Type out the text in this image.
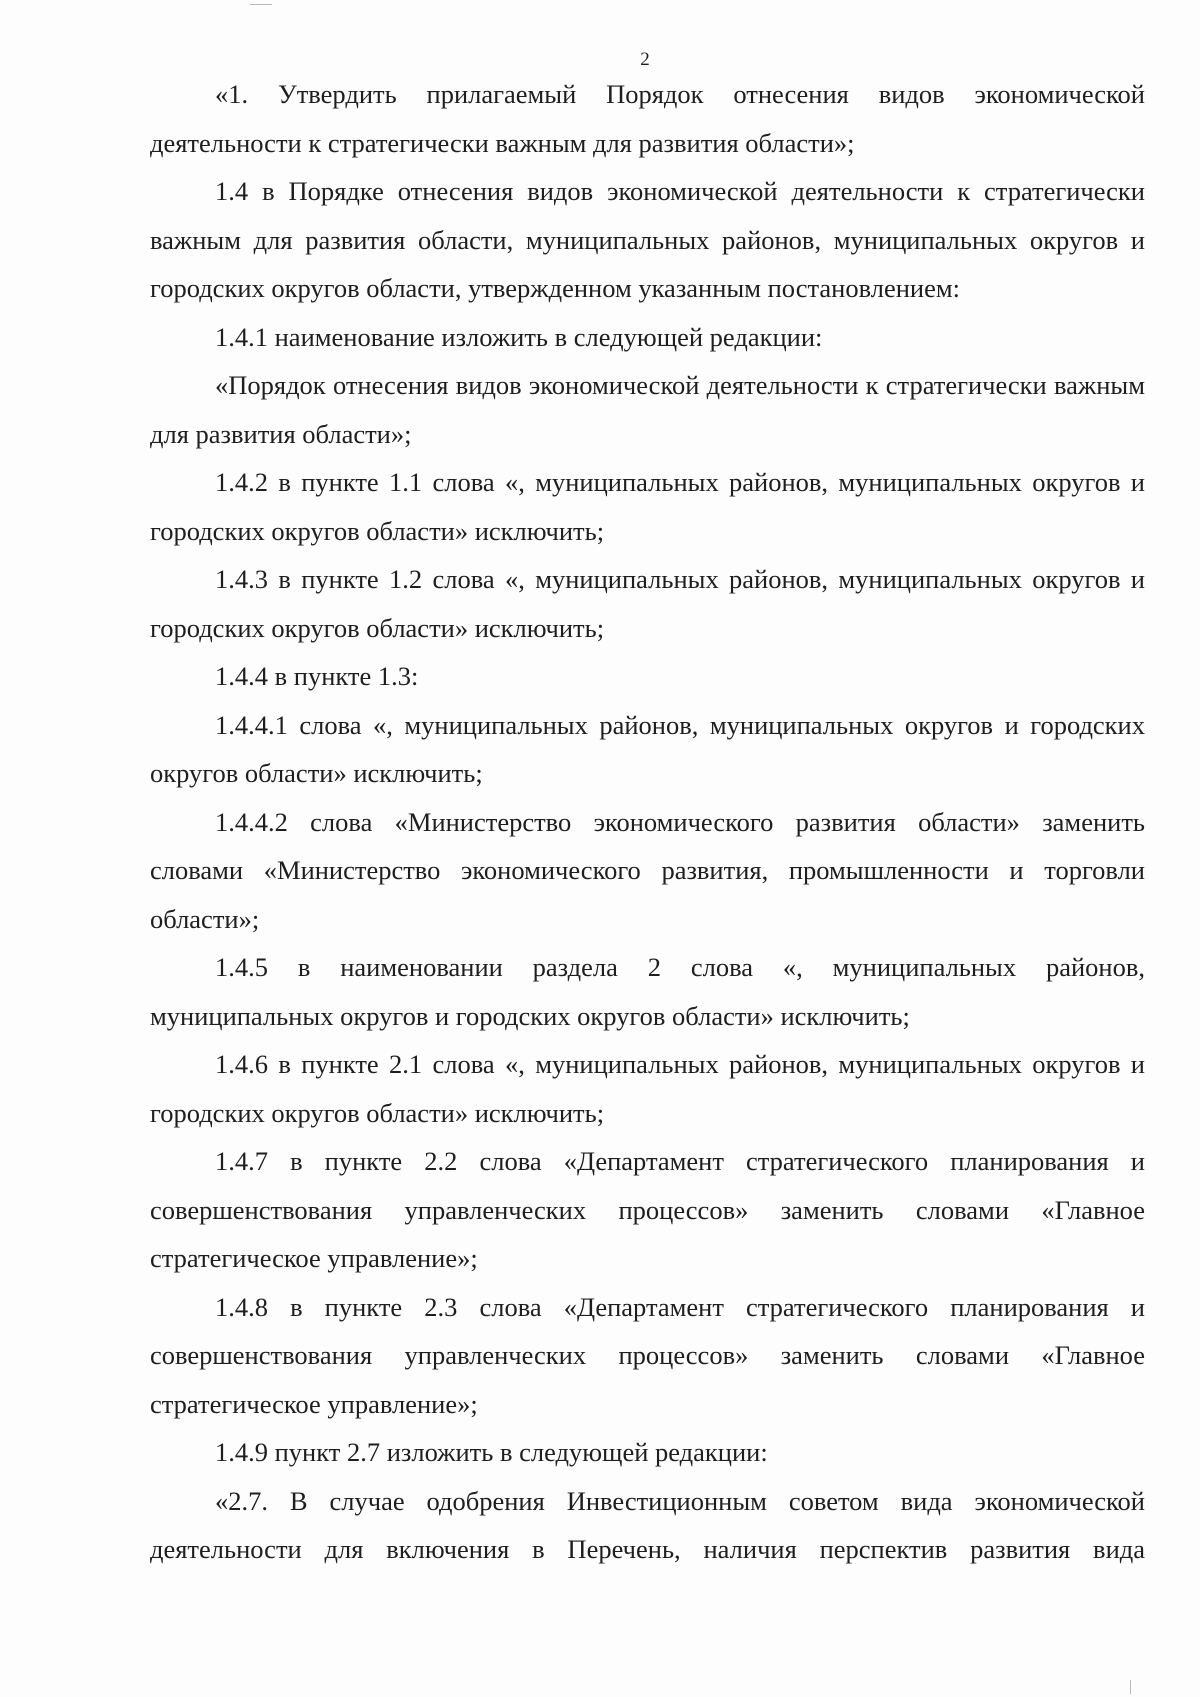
2

«1. Утвердить прилагаемый Порядок отнесения видов экономической деятельности к стратегически важным для развития области»;

1.4 в Порядке отнесения видов экономической деятельности к стратегически важным для развития области, муниципальных районов, муниципальных округов и городских округов области, утвержденном указанным постановлением:

1.4.1 наименование изложить в следующей редакции:

«Порядок отнесения видов экономической деятельности к стратегически важным для развития области»;

1.4.2 в пункте 1.1 слова «, муниципальных районов, муниципальных округов и городских округов области» исключить;

1.4.3 в пункте 1.2 слова «, муниципальных районов, муниципальных округов и городских округов области» исключить;

1.4.4 в пункте 1.3:

1.4.4.1 слова «, муниципальных районов, муниципальных округов и городских округов области» исключить;

1.4.4.2 слова «Министерство экономического развития области» заменить словами «Министерство экономического развития, промышленности и торговли области»;

1.4.5 в наименовании раздела 2 слова «, муниципальных районов, муниципальных округов и городских округов области» исключить;

1.4.6 в пункте 2.1 слова «, муниципальных районов, муниципальных округов и городских округов области» исключить;

1.4.7 в пункте 2.2 слова «Департамент стратегического планирования и совершенствования управленческих процессов» заменить словами «Главное стратегическое управление»;

1.4.8 в пункте 2.3 слова «Департамент стратегического планирования и совершенствования управленческих процессов» заменить словами «Главное стратегическое управление»;

1.4.9 пункт 2.7 изложить в следующей редакции:

«2.7. В случае одобрения Инвестиционным советом вида экономической деятельности для включения в Перечень, наличия перспектив развития вида
